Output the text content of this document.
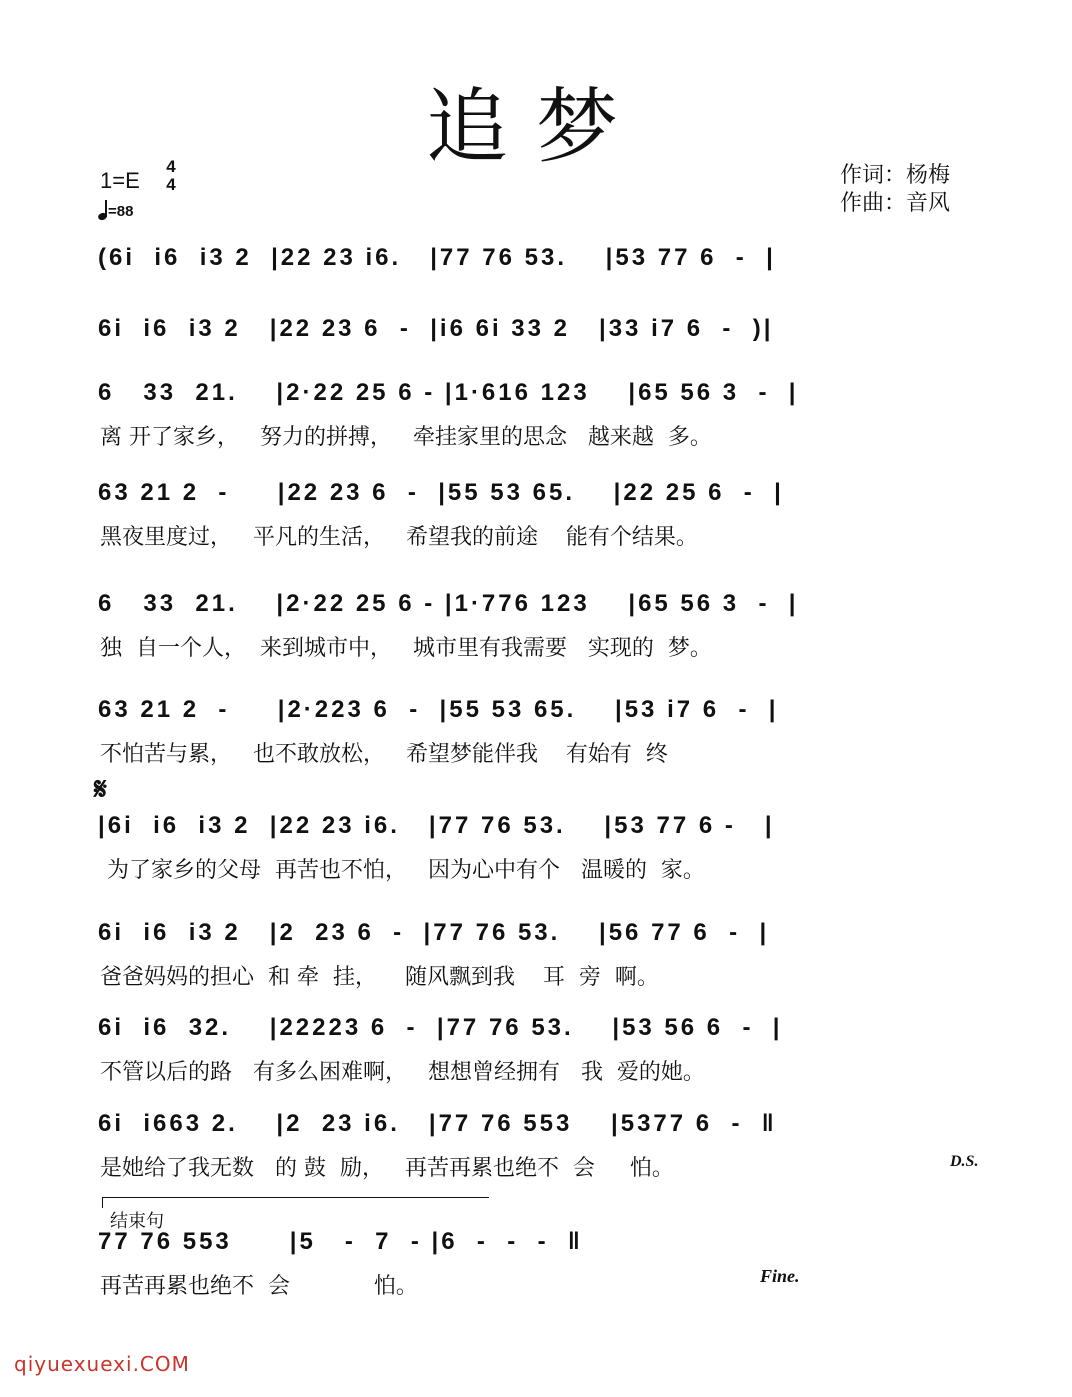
追梦
1=E
4
4
=88
作词：杨梅
作曲：音风
(6i  i6  i3 2  |22 23 i6.   |77 76 53.    |53 77 6  -  |
6i  i6  i3 2   |22 23 6  -  |i6 6i 33 2   |33 i7 6  -  )|
6   33  21.    |2·22 25 6 - |1·616 123    |65 56 3  -  |
离 开了家乡，   努力的拼搏，   牵挂家里的思念   越来越  多。
63 21 2  -     |22 23 6  -  |55 53 65.    |22 25 6  -  |
黑夜里度过，   平凡的生活，   希望我的前途    能有个结果。
6   33  21.    |2·22 25 6 - |1·776 123    |65 56 3  -  |
独  自一个人，  来到城市中，   城市里有我需要   实现的  梦。
63 21 2  -     |2·223 6  -  |55 53 65.    |53 i7 6  -  |
不怕苦与累，   也不敢放松，   希望梦能伴我    有始有  终
𝄋
|6i  i6  i3 2  |22 23 i6.   |77 76 53.    |53 77 6 -   |
为了家乡的父母  再苦也不怕，   因为心中有个   温暖的  家。
6i  i6  i3 2   |2  23 6  -  |77 76 53.    |56 77 6  -  |
爸爸妈妈的担心  和 牵  挂，    随风飘到我    耳  旁  啊。
6i  i6  32.    |22223 6  -  |77 76 53.    |53 56 6  -  |
不管以后的路   有多么困难啊，   想想曾经拥有   我  爱的她。
6i  i663 2.    |2  23 i6.   |77 76 553    |5377 6  -  ‖
是她给了我无数   的 鼓  励，   再苦再累也绝不  会     怕。	D.S.
结束句
77 76 553      |5   -  7  - |6  -  -  -  ‖
再苦再累也绝不  会            怕。	Fine.
qiyuexuexi.COM
